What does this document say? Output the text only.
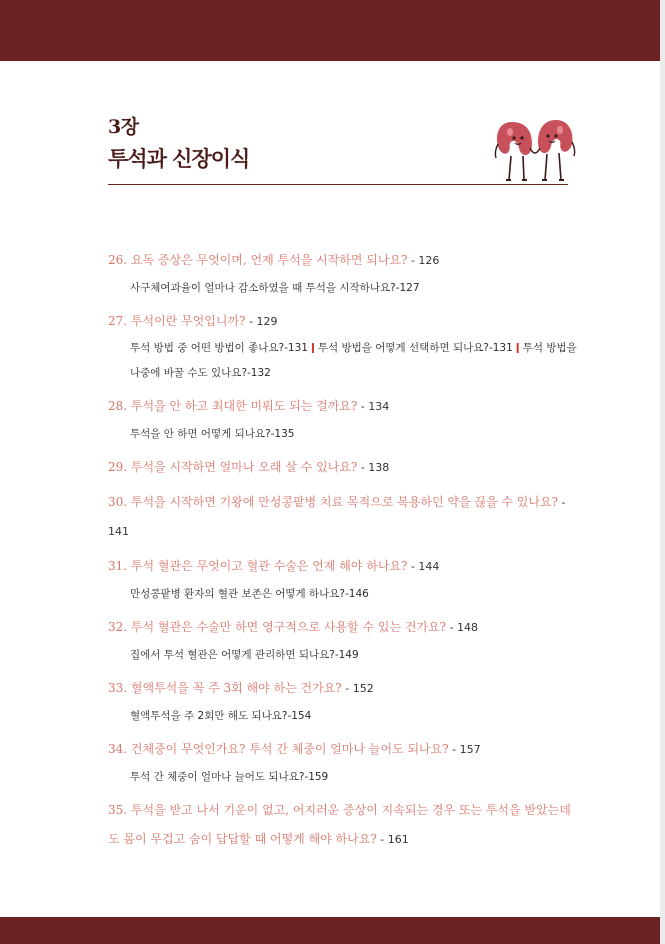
3장
투석과 신장이식
26. 요독 증상은 무엇이며, 언제 투석을 시작하면 되나요? - 126
사구체여과율이 얼마나 감소하였을 때 투석을 시작하나요?-127
27. 투석이란 무엇입니까? - 129
투석 방법 중 어떤 방법이 좋나요?-131 ǀ 투석 방법을 어떻게 선택하면 되나요?-131 ǀ 투석 방법을 나중에 바꿀 수도 있나요?-132
28. 투석을 안 하고 최대한 미뤄도 되는 걸까요? - 134
투석을 안 하면 어떻게 되나요?-135
29. 투석을 시작하면 얼마나 오래 살 수 있나요? - 138
30. 투석을 시작하면 기왕에 만성콩팥병 치료 목적으로 복용하던 약을 끊을 수 있나요? - 141
31. 투석 혈관은 무엇이고 혈관 수술은 언제 해야 하나요? - 144
만성콩팥병 환자의 혈관 보존은 어떻게 하나요?-146
32. 투석 혈관은 수술만 하면 영구적으로 사용할 수 있는 건가요? - 148
집에서 투석 혈관은 어떻게 관리하면 되나요?-149
33. 혈액투석을 꼭 주 3회 해야 하는 건가요? - 152
혈액투석을 주 2회만 해도 되나요?-154
34. 건체중이 무엇인가요? 투석 간 체중이 얼마나 늘어도 되나요? - 157
투석 간 체중이 얼마나 늘어도 되나요?-159
35. 투석을 받고 나서 기운이 없고, 어지러운 증상이 지속되는 경우 또는 투석을 받았는데도 몸이 무겁고 숨이 답답할 때 어떻게 해야 하나요? - 161
